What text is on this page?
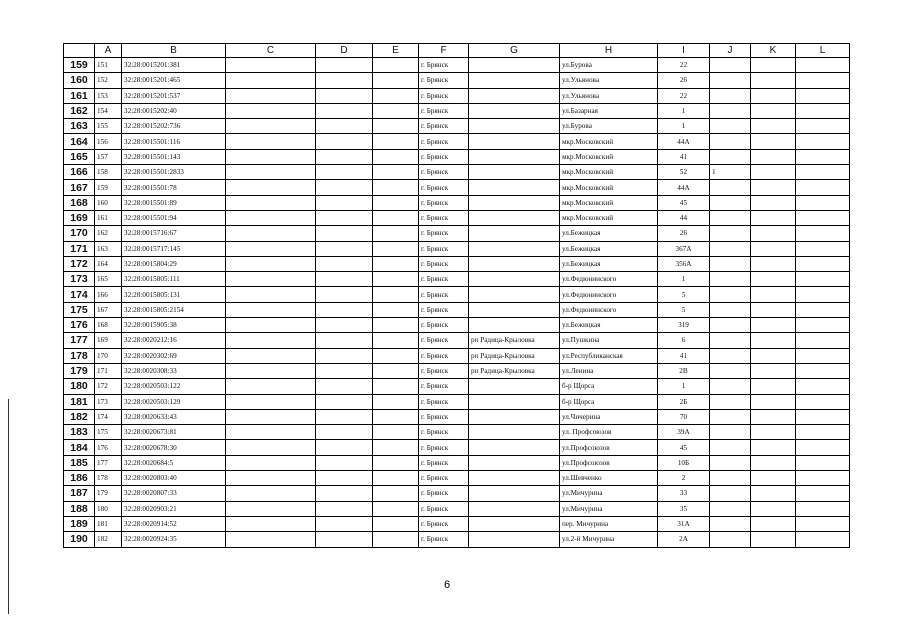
	A	B	C	D	E	F	G	H	I	J	K	L
159	151	32:28:0015201:381				г. Брянск		ул.Бурова	22			
160	152	32:28:0015201:465				г. Брянск		ул.Ульянова	26			
161	153	32:28:0015201:537				г. Брянск		ул.Ульянова	22			
162	154	32:28:0015202:40				г. Брянск		ул.Базарная	1			
163	155	32:28:0015202:736				г. Брянск		ул.Бурова	1			
164	156	32:28:0015501:116				г. Брянск		мкр.Московский	44А			
165	157	32:28:0015501:143				г. Брянск		мкр.Московский	41			
166	158	32:28:0015501:2833				г. Брянск		мкр.Московский	52	1		
167	159	32:28:0015501:78				г. Брянск		мкр.Московский	44А			
168	160	32:28:0015501:89				г. Брянск		мкр.Московский	45			
169	161	32:28:0015501:94				г. Брянск		мкр.Московский	44			
170	162	32:28:0015716:67				г. Брянск		ул.Бежицкая	26			
171	163	32:28:0015717:145				г. Брянск		ул.Бежицкая	367А			
172	164	32:28:0015804:29				г. Брянск		ул.Бежицкая	356А			
173	165	32:28:0015805:111				г. Брянск		ул.Федюнинского	1			
174	166	32:28:0015805:131				г. Брянск		ул.Федюнинского	5			
175	167	32:28:0015805:2154				г. Брянск		ул.Федюнинского	5			
176	168	32:28:0015905:38				г. Брянск		ул.Бежицкая	319			
177	169	32:28:0020212:16				г. Брянск	рп Радица-Крыловка	ул.Пушкина	6			
178	170	32:28:0020302:69				г. Брянск	рп Радица-Крыловка	ул.Республиканская	41			
179	171	32:28:0020308:33				г. Брянск	рп Радица-Крыловка	ул.Ленина	2В			
180	172	32:28:0020503:122				г. Брянск		б-р Щорса	1			
181	173	32:28:0020503:129				г. Брянск		б-р Щорса	2Б			
182	174	32:28:0020633:43				г. Брянск		ул.Чичерина	70			
183	175	32:28:0020673:81				г. Брянск		ул. Профсоюзов	39А			
184	176	32:28:0020678:30				г. Брянск		ул.Профсоюзов	45			
185	177	32:28:0020684:5				г. Брянск		ул.Профсоюзов	10Б			
186	178	32:28:0020803:40				г. Брянск		ул.Шевченко	2			
187	179	32:28:0020807:33				г. Брянск		ул.Мичурина	33			
188	180	32:28:0020903:21				г. Брянск		ул.Мичурина	35			
189	181	32:28:0020914:52				г. Брянск		пер. Мичурина	31А			
190	182	32:28:0020924:35				г. Брянск		ул.2-й Мичурина	2А			
6
